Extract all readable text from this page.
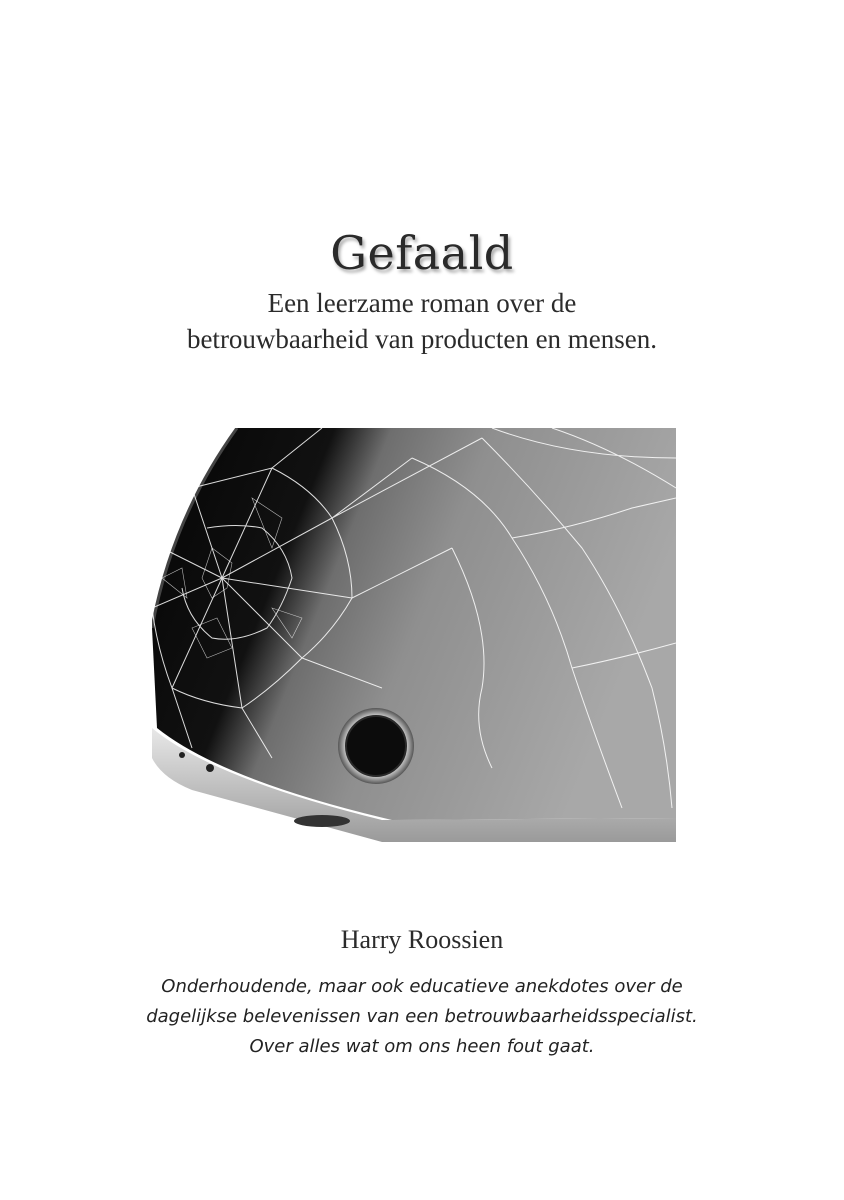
Gefaald
Een leerzame roman over de
betrouwbaarheid van producten en mensen.
Harry Roossien
Onderhoudende, maar ook educatieve anekdotes over de
dagelijkse belevenissen van een betrouwbaarheidsspecialist.
Over alles wat om ons heen fout gaat.
